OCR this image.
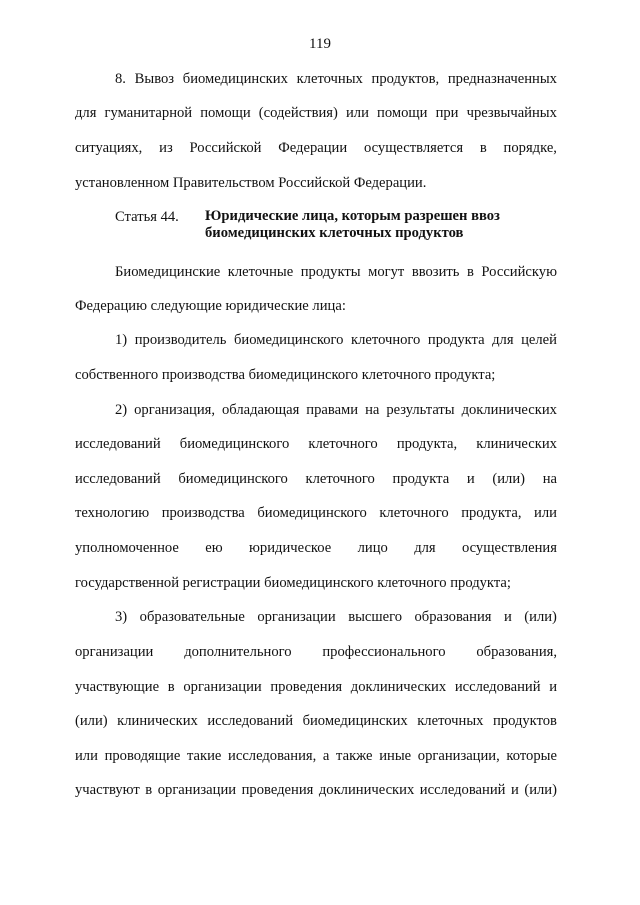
119
8. Вывоз биомедицинских клеточных продуктов, предназначенных
для гуманитарной помощи (содействия) или помощи при чрезвычайных
ситуациях, из Российской Федерации осуществляется в порядке,
установленном Правительством Российской Федерации.
Статья 44. Юридические лица, которым разрешен ввоз
биомедицинских клеточных продуктов
Биомедицинские клеточные продукты могут ввозить в Российскую
Федерацию следующие юридические лица:
1) производитель биомедицинского клеточного продукта для целей
собственного производства биомедицинского клеточного продукта;
2) организация, обладающая правами на результаты доклинических
исследований биомедицинского клеточного продукта, клинических
исследований биомедицинского клеточного продукта и (или) на
технологию производства биомедицинского клеточного продукта, или
уполномоченное ею юридическое лицо для осуществления
государственной регистрации биомедицинского клеточного продукта;
3) образовательные организации высшего образования и (или)
организации дополнительного профессионального образования,
участвующие в организации проведения доклинических исследований и
(или) клинических исследований биомедицинских клеточных продуктов
или проводящие такие исследования, а также иные организации, которые
участвуют в организации проведения доклинических исследований и (или)
